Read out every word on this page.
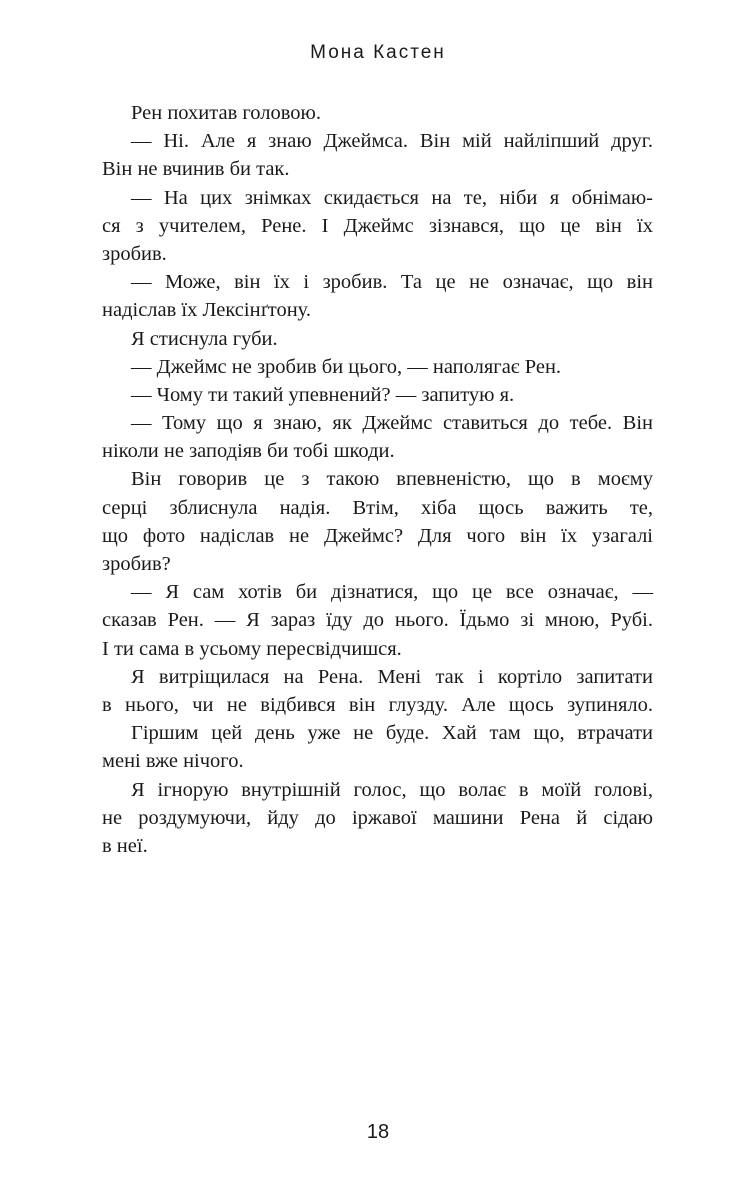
Мона Кастен
Рен похитав головою.
— Ні. Але я знаю Джеймса. Він мій найліпший друг.
Він не вчинив би так.
— На цих знімках скидається на те, ніби я обнімаю-
ся з учителем, Рене. І Джеймс зізнався, що це він їх
зробив.
— Може, він їх і зробив. Та це не означає, що він
надіслав їх Лексінґтону.
Я стиснула губи.
— Джеймс не зробив би цього, — наполягає Рен.
— Чому ти такий упевнений? — запитую я.
— Тому що я знаю, як Джеймс ставиться до тебе. Він
ніколи не заподіяв би тобі шкоди.
Він говорив це з такою впевненістю, що в моєму
серці зблиснула надія. Втім, хіба щось важить те,
що фото надіслав не Джеймс? Для чого він їх узагалі
зробив?
— Я сам хотів би дізнатися, що це все означає, —
сказав Рен. — Я зараз їду до нього. Їдьмо зі мною, Рубі.
І ти сама в усьому пересвідчишся.
Я витріщилася на Рена. Мені так і кортіло запитати
в нього, чи не відбився він глузду. Але щось зупиняло.
Гіршим цей день уже не буде. Хай там що, втрачати
мені вже нічого.
Я ігнорую внутрішній голос, що волає в моїй голові,
не роздумуючи, йду до іржавої машини Рена й сідаю
в неї.
18
